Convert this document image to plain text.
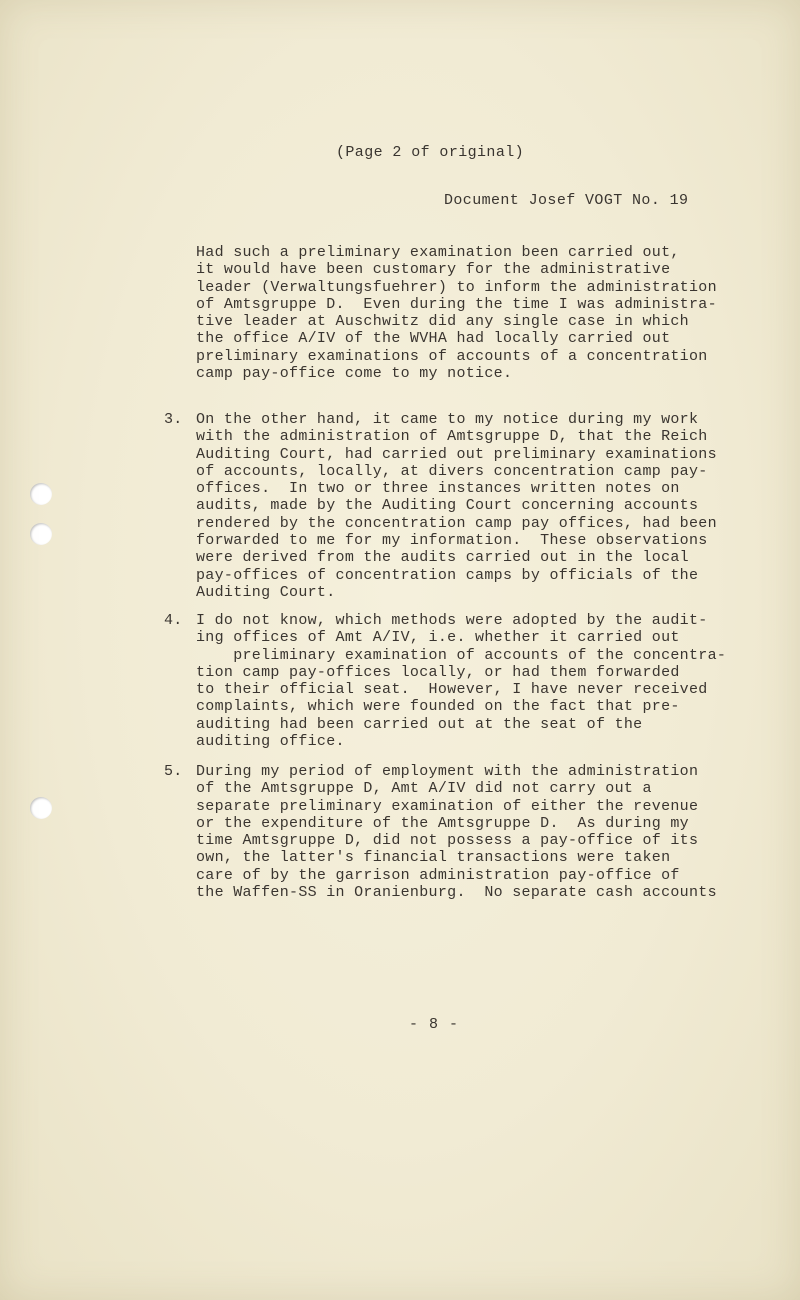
(Page 2 of original)
Document Josef VOGT No. 19

Had such a preliminary examination been carried out,
it would have been customary for the administrative
leader (Verwaltungsfuehrer) to inform the administration
of Amtsgruppe D.  Even during the time I was administra-
tive leader at Auschwitz did any single case in which
the office A/IV of the WVHA had locally carried out
preliminary examinations of accounts of a concentration
camp pay-office come to my notice.

3. On the other hand, it came to my notice during my work
with the administration of Amtsgruppe D, that the Reich
Auditing Court, had carried out preliminary examinations
of accounts, locally, at divers concentration camp pay-
offices.  In two or three instances written notes on
audits, made by the Auditing Court concerning accounts
rendered by the concentration camp pay offices, had been
forwarded to me for my information.  These observations
were derived from the audits carried out in the local
pay-offices of concentration camps by officials of the
Auditing Court.

4. I do not know, which methods were adopted by the audit-
ing offices of Amt A/IV, i.e. whether it carried out
preliminary examination of accounts of the concentra-
tion camp pay-offices locally, or had them forwarded
to their official seat.  However, I have never received
complaints, which were founded on the fact that pre-
auditing had been carried out at the seat of the
auditing office.

5. During my period of employment with the administration
of the Amtsgruppe D, Amt A/IV did not carry out a
separate preliminary examination of either the revenue
or the expenditure of the Amtsgruppe D.  As during my
time Amtsgruppe D, did not possess a pay-office of its
own, the latter's financial transactions were taken
care of by the garrison administration pay-office of
the Waffen-SS in Oranienburg.  No separate cash accounts

- 8 -
